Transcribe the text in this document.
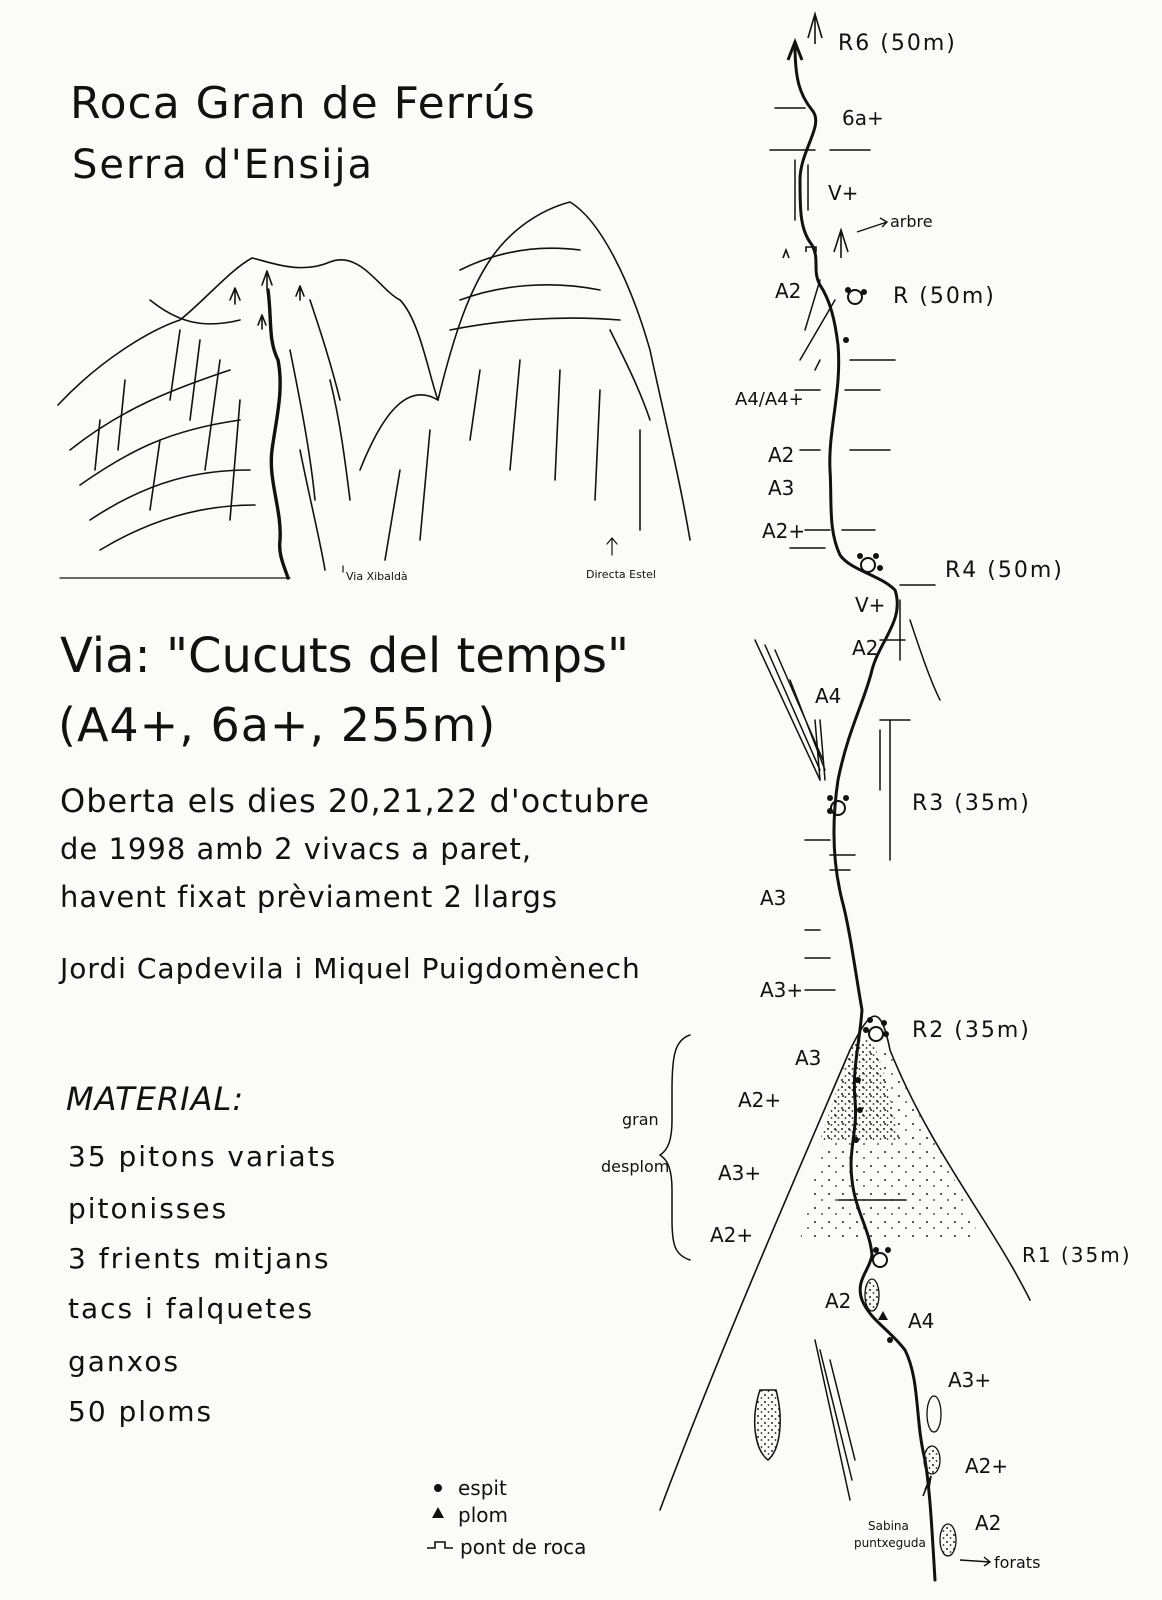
Roca Gran de Ferrús
Serra d'Ensija
Via: "Cucuts del temps"
(A4+, 6a+, 255m)
Oberta els dies 20,21,22 d'octubre
de 1998 amb 2 vivacs a paret,
havent fixat prèviament 2 llargs
Jordi Capdevila i Miquel Puigdomènech
MATERIAL:
35 pitons variats
pitonisses
3 frients mitjans
tacs i falquetes
ganxos
50 ploms
Via Xibaldà	Directa Estel
R6 (50m)
R (50m)
R4 (50m)
R3 (35m)
R2 (35m)
R1 (35m)
6a+
V+
A2
A4/A4+
A2
A3
A2+
V+
A2
A4
A3
A3+
A3
A2+
A3+
A2+
A2
A4
A3+
A2+
A2
arbre
gran
desplom
Sabina
puntxeguda
forats
espit
plom
pont de roca
